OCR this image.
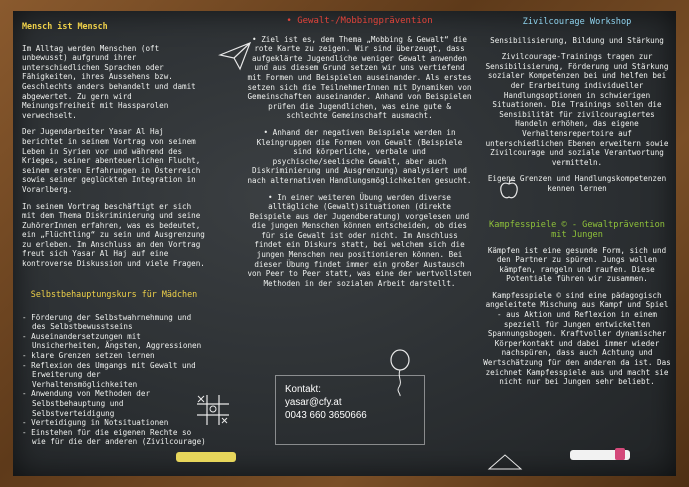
Mensch ist Mensch

Im Alltag werden Menschen (oft unbewusst) aufgrund ihrer unterschiedlichen Sprachen oder Fähigkeiten, ihres Aussehens bzw. Geschlechts anders behandelt und damit abgewertet. Zu gern wird Meinungsfreiheit mit Hassparolen verwechselt.

Der Jugendarbeiter Yasar Al Haj berichtet in seinem Vortrag von seinem Leben in Syrien vor und während des Krieges, seiner abenteuerlichen Flucht, seinem ersten Erfahrungen in Österreich sowie seiner geglückten Integration in Vorarlberg.

In seinem Vortrag beschäftigt er sich mit dem Thema Diskriminierung und seine ZuhörerInnen erfahren, was es bedeutet, ein „Flüchtling“ zu sein und Ausgrenzung zu erleben. Im Anschluss an den Vortrag freut sich Yasar Al Haj auf eine kontroverse Diskussion und viele Fragen.

Selbstbehauptungskurs für Mädchen
- Förderung der Selbstwahrnehmung und des Selbstbewusstseins
- Auseinandersetzungen mit Unsicherheiten, Ängsten, Aggressionen
- klare Grenzen setzen lernen
- Reflexion des Umgangs mit Gewalt und Erweiterung der Verhaltensmöglichkeiten
- Anwendung von Methoden der Selbstbehauptung und Selbstverteidigung
- Verteidigung in Notsituationen
- Einstehen für die eigenen Rechte so wie für die der anderen (Zivilcourage)
• Gewalt-/Mobbingprävention

• Ziel ist es, dem Thema „Mobbing & Gewalt“ die rote Karte zu zeigen. Wir sind überzeugt, dass aufgeklärte Jugendliche weniger Gewalt anwenden und aus diesem Grund setzen wir uns vertiefend mit Formen und Beispielen auseinander. Als erstes setzen sich die TeilnehmerInnen mit Dynamiken von Gemeinschaften auseinander. Anhand von Beispielen prüfen die Jugendlichen, was eine gute & schlechte Gemeinschaft ausmacht.

• Anhand der negativen Beispiele werden in Kleingruppen die Formen von Gewalt (Beispiele sind körperliche, verbale und psychische/seelische Gewalt, aber auch Diskriminierung und Ausgrenzung) analysiert und nach alternativen Handlungsmöglichkeiten gesucht.

• In einer weiteren Übung werden diverse alltägliche (Gewalt)situationen (direkte Beispiele aus der Jugendberatung) vorgelesen und die jungen Menschen können entscheiden, ob dies für sie Gewalt ist oder nicht. Im Anschluss findet ein Diskurs statt, bei welchem sich die jungen Menschen neu positionieren können. Bei dieser Übung findet immer ein großer Austausch von Peer to Peer statt, was eine der wertvollsten Methoden in der sozialen Arbeit darstellt.

Zivilcourage Workshop

Sensibilisierung, Bildung und Stärkung

Zivilcourage-Trainings tragen zur Sensibilisierung, Förderung und Stärkung sozialer Kompetenzen bei und helfen bei der Erarbeitung individueller Handlungsoptionen in schwierigen Situationen. Die Trainings sollen die Sensibilität für zivilcouragiertes Handeln erhöhen, das eigene Verhaltensrepertoire auf unterschiedlichen Ebenen erweitern sowie Zivilcourage und soziale Verantwortung vermitteln.

Eigene Grenzen und Handlungskompetenzen kennen lernen

Kampfesspiele © - Gewaltprävention mit Jungen

Kämpfen ist eine gesunde Form, sich und den Partner zu spüren. Jungs wollen kämpfen, rangeln und raufen. Diese Potentiale führen wir zusammen.

Kampfesspiele © sind eine pädagogisch angeleitete Mischung aus Kampf und Spiel - aus Aktion und Reflexion in einem speziell für Jungen entwickelten Spannungsbogen. Kraftvoller dynamischer Körperkontakt und dabei immer wieder nachspüren, dass auch Achtung und Wertschätzung für den anderen da ist. Das zeichnet Kampfesspiele aus und macht sie nicht nur bei Jungen sehr beliebt.

Kontakt:
yasar@cfy.at
0043 660 3650666
